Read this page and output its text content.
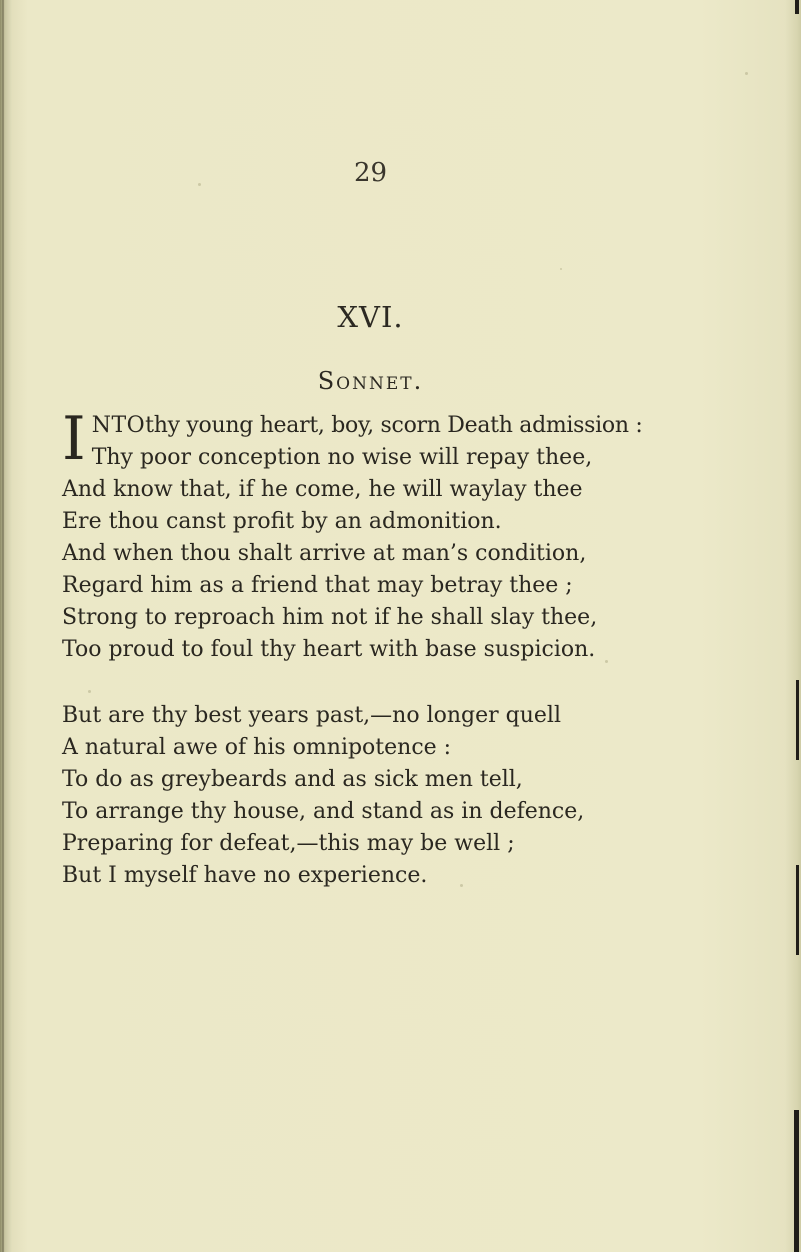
29
XVI.
Sonnet.
I NTOthy young heart, boy, scorn Death admission :
Thy poor conception no wise will repay thee,
And know that, if he come, he will waylay thee
Ere thou canst profit by an admonition.
And when thou shalt arrive at man’s condition,
Regard him as a friend that may betray thee ;
Strong to reproach him not if he shall slay thee,
Too proud to foul thy heart with base suspicion.
But are thy best years past,—no longer quell
A natural awe of his omnipotence :
To do as greybeards and as sick men tell,
To arrange thy house, and stand as in defence,
Preparing for defeat,—this may be well ;
But I myself have no experience.
